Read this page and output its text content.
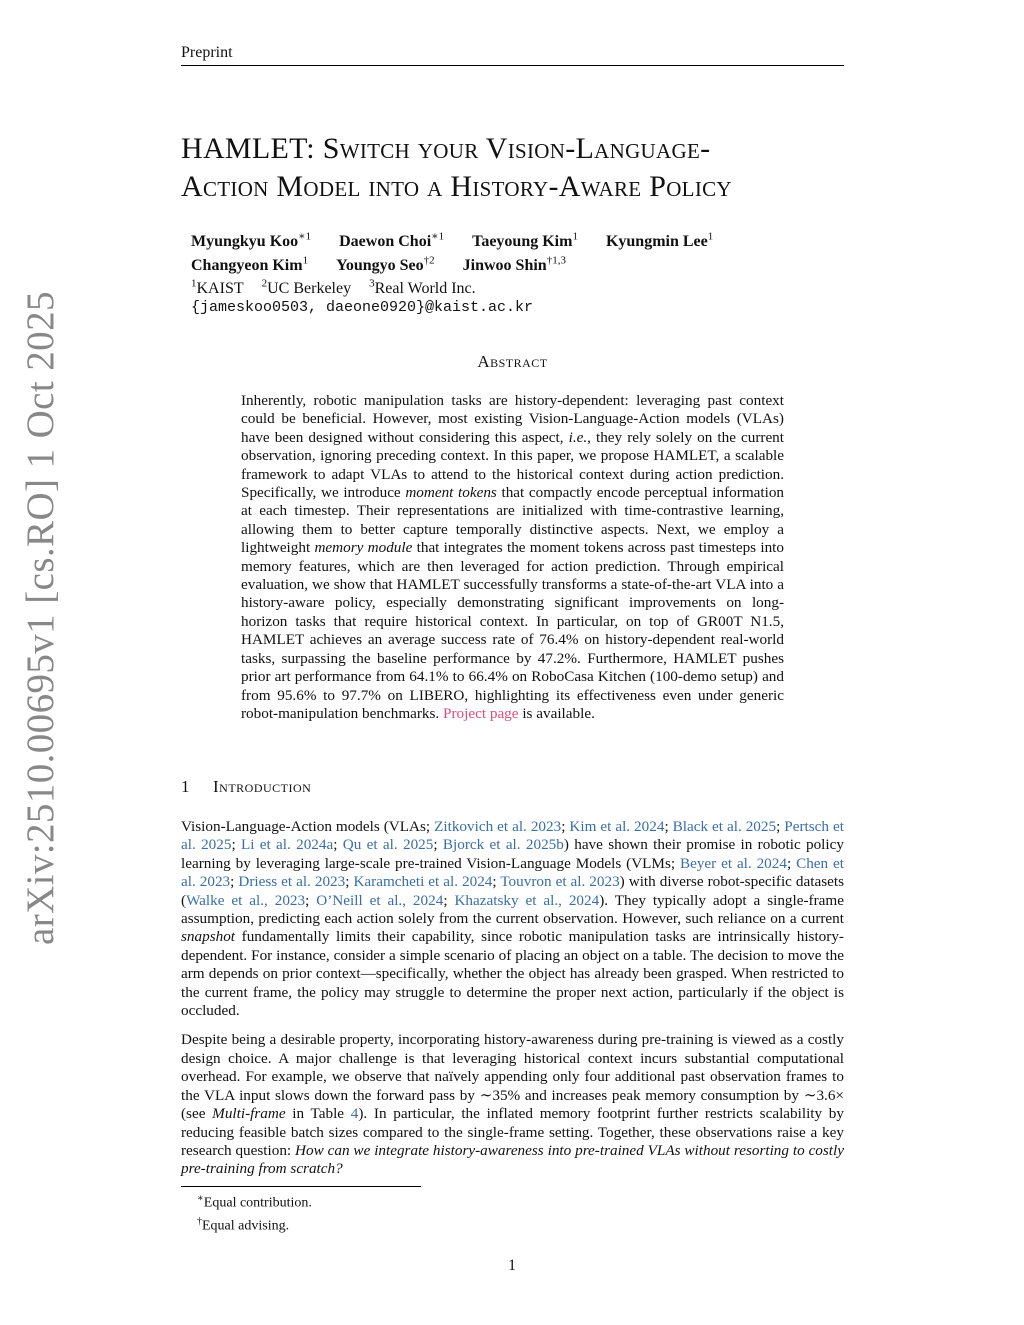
Preprint
arXiv:2510.00695v1 [cs.RO] 1 Oct 2025
HAMLET: Switch your Vision-Language-
Action Model into a History-Aware Policy
Myungkyu Koo$^{∗1}$ Daewon Choi$^{∗1}$ Taeyoung Kim$^1$ Kyungmin Lee$^1$
Changyeon Kim$^1$ Youngyo Seo$^{\dagger 2}$ Jinwoo Shin$^{\dagger 1,3}$
$^1$KAIST $^2$UC Berkeley $^3$Real World Inc.
{jameskoo0503, daeone0920}@kaist.ac.kr
Abstract
Inherently, robotic manipulation tasks are history-dependent: leveraging past context could be beneficial. However, most existing Vision-Language-Action models (VLAs) have been designed without considering this aspect, i.e., they rely solely on the current observation, ignoring preceding context. In this paper, we propose HAMLET, a scalable framework to adapt VLAs to attend to the historical context during action prediction. Specifically, we introduce moment tokens that compactly encode perceptual information at each timestep. Their representations are initialized with time-contrastive learning, allowing them to better capture temporally distinctive aspects. Next, we employ a lightweight memory module that integrates the moment tokens across past timesteps into memory features, which are then leveraged for action prediction. Through empirical evaluation, we show that HAMLET successfully transforms a state-of-the-art VLA into a history-aware policy, especially demonstrating significant improvements on long-horizon tasks that require historical context. In particular, on top of GR00T N1.5, HAMLET achieves an average success rate of 76.4% on history-dependent real-world tasks, surpassing the baseline performance by 47.2%. Furthermore, HAMLET pushes prior art performance from 64.1% to 66.4% on RoboCasa Kitchen (100-demo setup) and from 95.6% to 97.7% on LIBERO, highlighting its effectiveness even under generic robot-manipulation benchmarks. Project page is available.
1 Introduction

Vision-Language-Action models (VLAs; Zitkovich et al. 2023; Kim et al. 2024; Black et al. 2025; Pertsch et al. 2025; Li et al. 2024a; Qu et al. 2025; Bjorck et al. 2025b) have shown their promise in robotic policy learning by leveraging large-scale pre-trained Vision-Language Models (VLMs; Beyer et al. 2024; Chen et al. 2023; Driess et al. 2023; Karamcheti et al. 2024; Touvron et al. 2023) with diverse robot-specific datasets (Walke et al., 2023; O’Neill et al., 2024; Khazatsky et al., 2024). They typically adopt a single-frame assumption, predicting each action solely from the current observation. However, such reliance on a current snapshot fundamentally limits their capability, since robotic manipulation tasks are intrinsically history-dependent. For instance, consider a simple scenario of placing an object on a table. The decision to move the arm depends on prior context—specifically, whether the object has already been grasped. When restricted to the current frame, the policy may struggle to determine the proper next action, particularly if the object is occluded.

Despite being a desirable property, incorporating history-awareness during pre-training is viewed as a costly design choice. A major challenge is that leveraging historical context incurs substantial computational overhead. For example, we observe that naïvely appending only four additional past observation frames to the VLA input slows down the forward pass by ∼35% and increases peak memory consumption by ∼3.6× (see Multi-frame in Table 4). In particular, the inflated memory footprint further restricts scalability by reducing feasible batch sizes compared to the single-frame setting. Together, these observations raise a key research question: How can we integrate history-awareness into pre-trained VLAs without resorting to costly pre-training from scratch?

∗Equal contribution.
†Equal advising.
1
